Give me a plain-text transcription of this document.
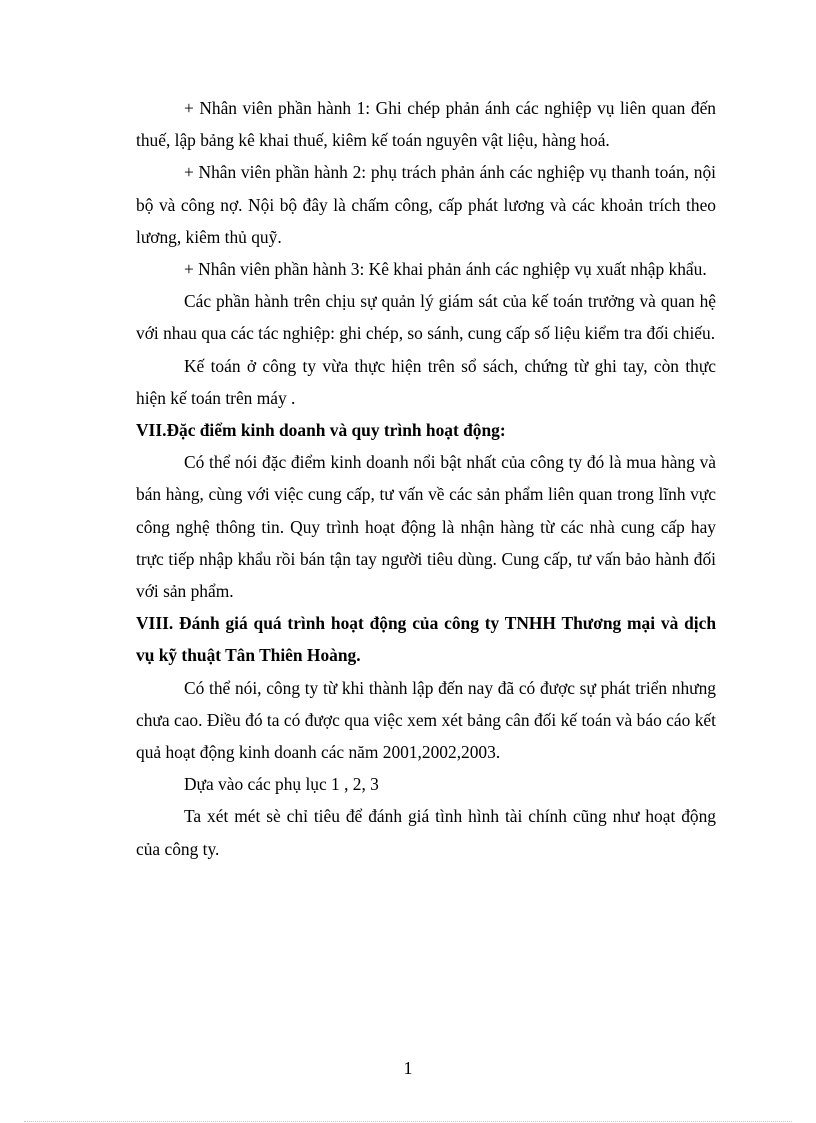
+ Nhân viên phần hành 1: Ghi chép phản ánh các nghiệp vụ liên quan đến thuế, lập bảng kê khai thuế, kiêm kế toán nguyên vật liệu, hàng hoá.

+ Nhân viên phần hành 2: phụ trách phản ánh các nghiệp vụ thanh toán, nội bộ và công nợ. Nội bộ đây là chấm công, cấp phát lương và các khoản trích theo lương, kiêm thủ quỹ.

+ Nhân viên phần hành 3: Kê khai phản ánh các nghiệp vụ xuất nhập khẩu.

Các phần hành trên chịu sự quản lý giám sát của kế toán trưởng và quan hệ với nhau qua các tác nghiệp: ghi chép, so sánh, cung cấp số liệu kiểm tra đối chiếu.

Kế toán ở công ty vừa thực hiện trên sổ sách, chứng từ ghi tay, còn thực hiện kế toán trên máy .

VII.Đặc điểm kinh doanh và quy trình hoạt động:

Có thể nói đặc điểm kinh doanh nổi bật nhất của công ty đó là mua hàng và bán hàng, cùng với việc cung cấp, tư vấn về các sản phẩm liên quan trong lĩnh vực công nghệ thông tin. Quy trình hoạt động là nhận hàng từ các nhà cung cấp hay trực tiếp nhập khẩu rồi bán tận tay người tiêu dùng. Cung cấp, tư vấn bảo hành đối với sản phẩm.

VIII. Đánh giá quá trình hoạt động của công ty TNHH Thương mại và dịch vụ kỹ thuật Tân Thiên Hoàng.

Có thể nói, công ty từ khi thành lập đến nay đã có được sự phát triển nhưng chưa cao. Điều đó ta có được qua việc xem xét bảng cân đối kế toán và báo cáo kết quả hoạt động kinh doanh các năm 2001,2002,2003.

Dựa vào các phụ lục 1 , 2, 3

Ta xét mét sè chỉ tiêu để đánh giá tình hình tài chính cũng như hoạt động của công ty.

1
